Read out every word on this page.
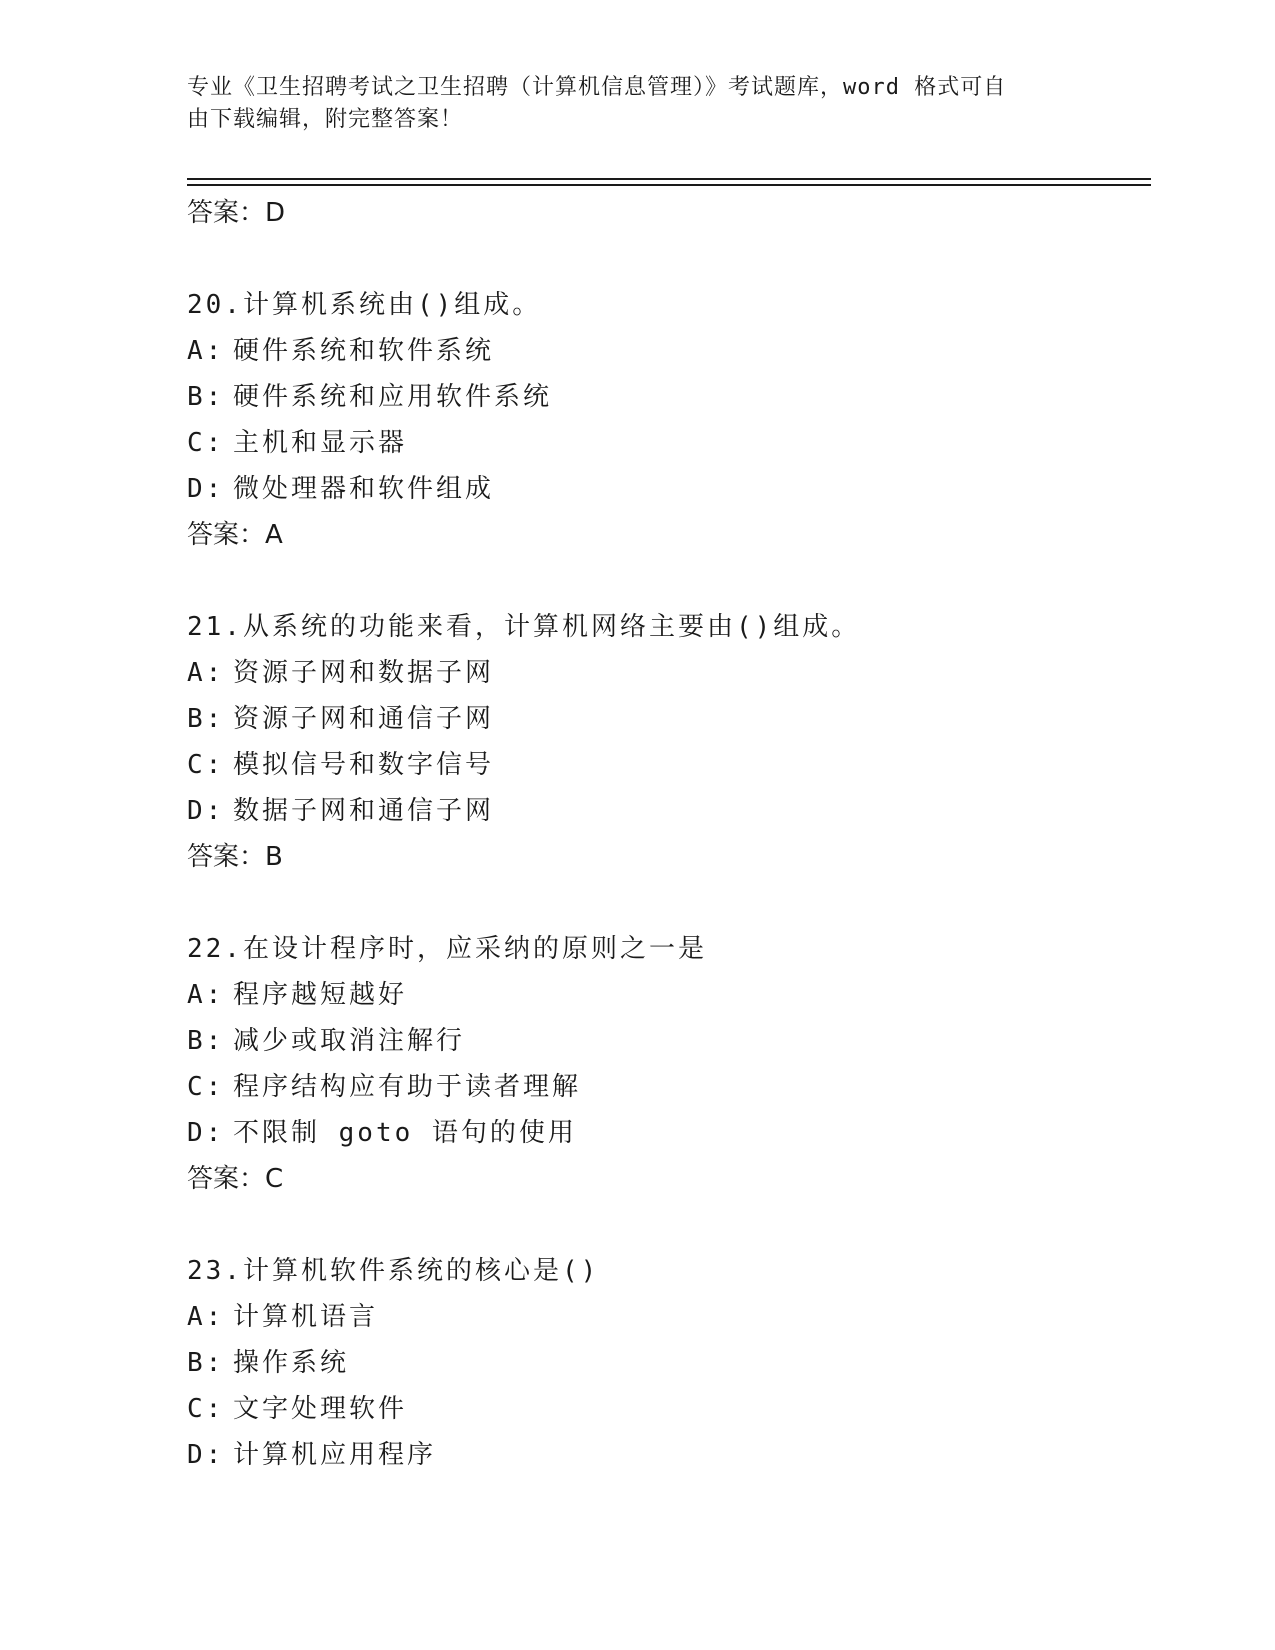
专业《卫生招聘考试之卫生招聘（计算机信息管理）》考试题库，word 格式可自
由下载编辑，附完整答案！
答案：D
20.计算机系统由()组成。
A: 硬件系统和软件系统
B: 硬件系统和应用软件系统
C: 主机和显示器
D: 微处理器和软件组成
答案：A
21.从系统的功能来看，计算机网络主要由()组成。
A: 资源子网和数据子网
B: 资源子网和通信子网
C: 模拟信号和数字信号
D: 数据子网和通信子网
答案：B
22.在设计程序时，应采纳的原则之一是
A: 程序越短越好
B: 减少或取消注解行
C: 程序结构应有助于读者理解
D: 不限制 goto 语句的使用
答案：C
23.计算机软件系统的核心是()
A: 计算机语言
B: 操作系统
C: 文字处理软件
D: 计算机应用程序
